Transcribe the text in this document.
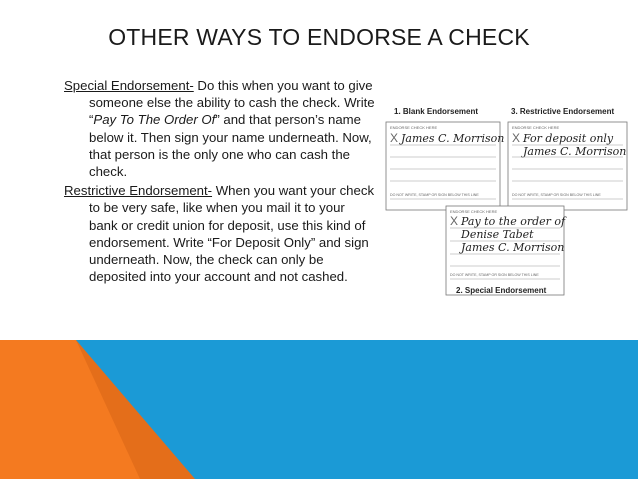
OTHER WAYS TO ENDORSE A CHECK

Special Endorsement- Do this when you want to give someone else the ability to cash the check. Write “Pay To The Order Of” and that person’s name below it. Then sign your name underneath. Now, that person is the only one who can cash the check.

Restrictive Endorsement- When you want your check to be very safe, like when you mail it to your bank or credit union for deposit, use this kind of endorsement. Write “For Deposit Only” and sign underneath. Now, the check can only be deposited into your account and not cashed.

1. Blank Endorsement
ENDORSE CHECK HERE
X James C. Morrison
DO NOT WRITE, STAMP OR SIGN BELOW THIS LINE
3. Restrictive Endorsement
ENDORSE CHECK HERE
X For deposit only
James C. Morrison
DO NOT WRITE, STAMP OR SIGN BELOW THIS LINE
ENDORSE CHECK HERE
X Pay to the order of
Denise Tabet
James C. Morrison
DO NOT WRITE, STAMP OR SIGN BELOW THIS LINE
2. Special Endorsement
